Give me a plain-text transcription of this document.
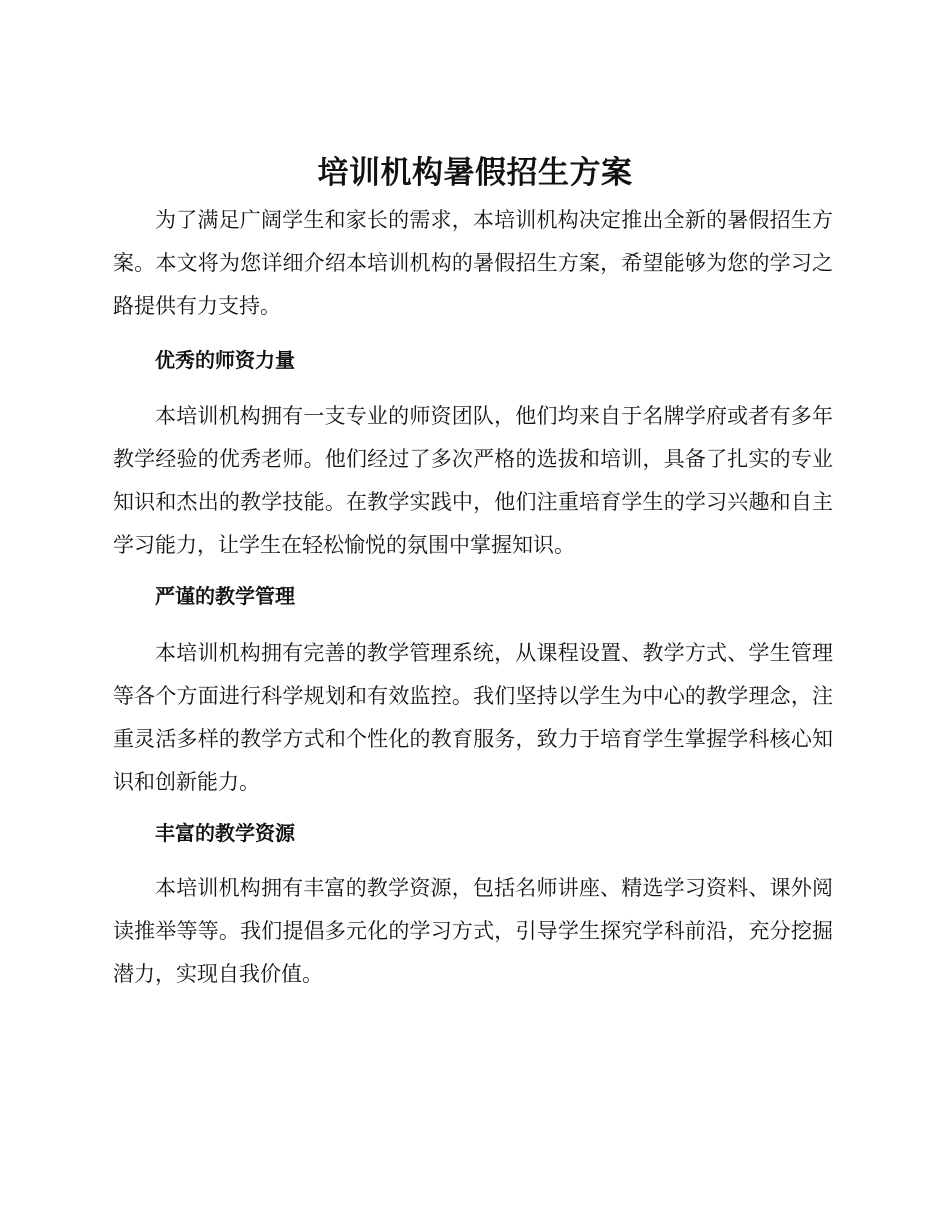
培训机构暑假招生方案

为了满足广阔学生和家长的需求，本培训机构决定推出全新的暑假招生方案。本文将为您详细介绍本培训机构的暑假招生方案，希望能够为您的学习之路提供有力支持。

优秀的师资力量

本培训机构拥有一支专业的师资团队，他们均来自于名牌学府或者有多年教学经验的优秀老师。他们经过了多次严格的选拔和培训，具备了扎实的专业知识和杰出的教学技能。在教学实践中，他们注重培育学生的学习兴趣和自主学习能力，让学生在轻松愉悦的氛围中掌握知识。

严谨的教学管理

本培训机构拥有完善的教学管理系统，从课程设置、教学方式、学生管理等各个方面进行科学规划和有效监控。我们坚持以学生为中心的教学理念，注重灵活多样的教学方式和个性化的教育服务，致力于培育学生掌握学科核心知识和创新能力。

丰富的教学资源

本培训机构拥有丰富的教学资源，包括名师讲座、精选学习资料、课外阅读推举等等。我们提倡多元化的学习方式，引导学生探究学科前沿，充分挖掘潜力，实现自我价值。
